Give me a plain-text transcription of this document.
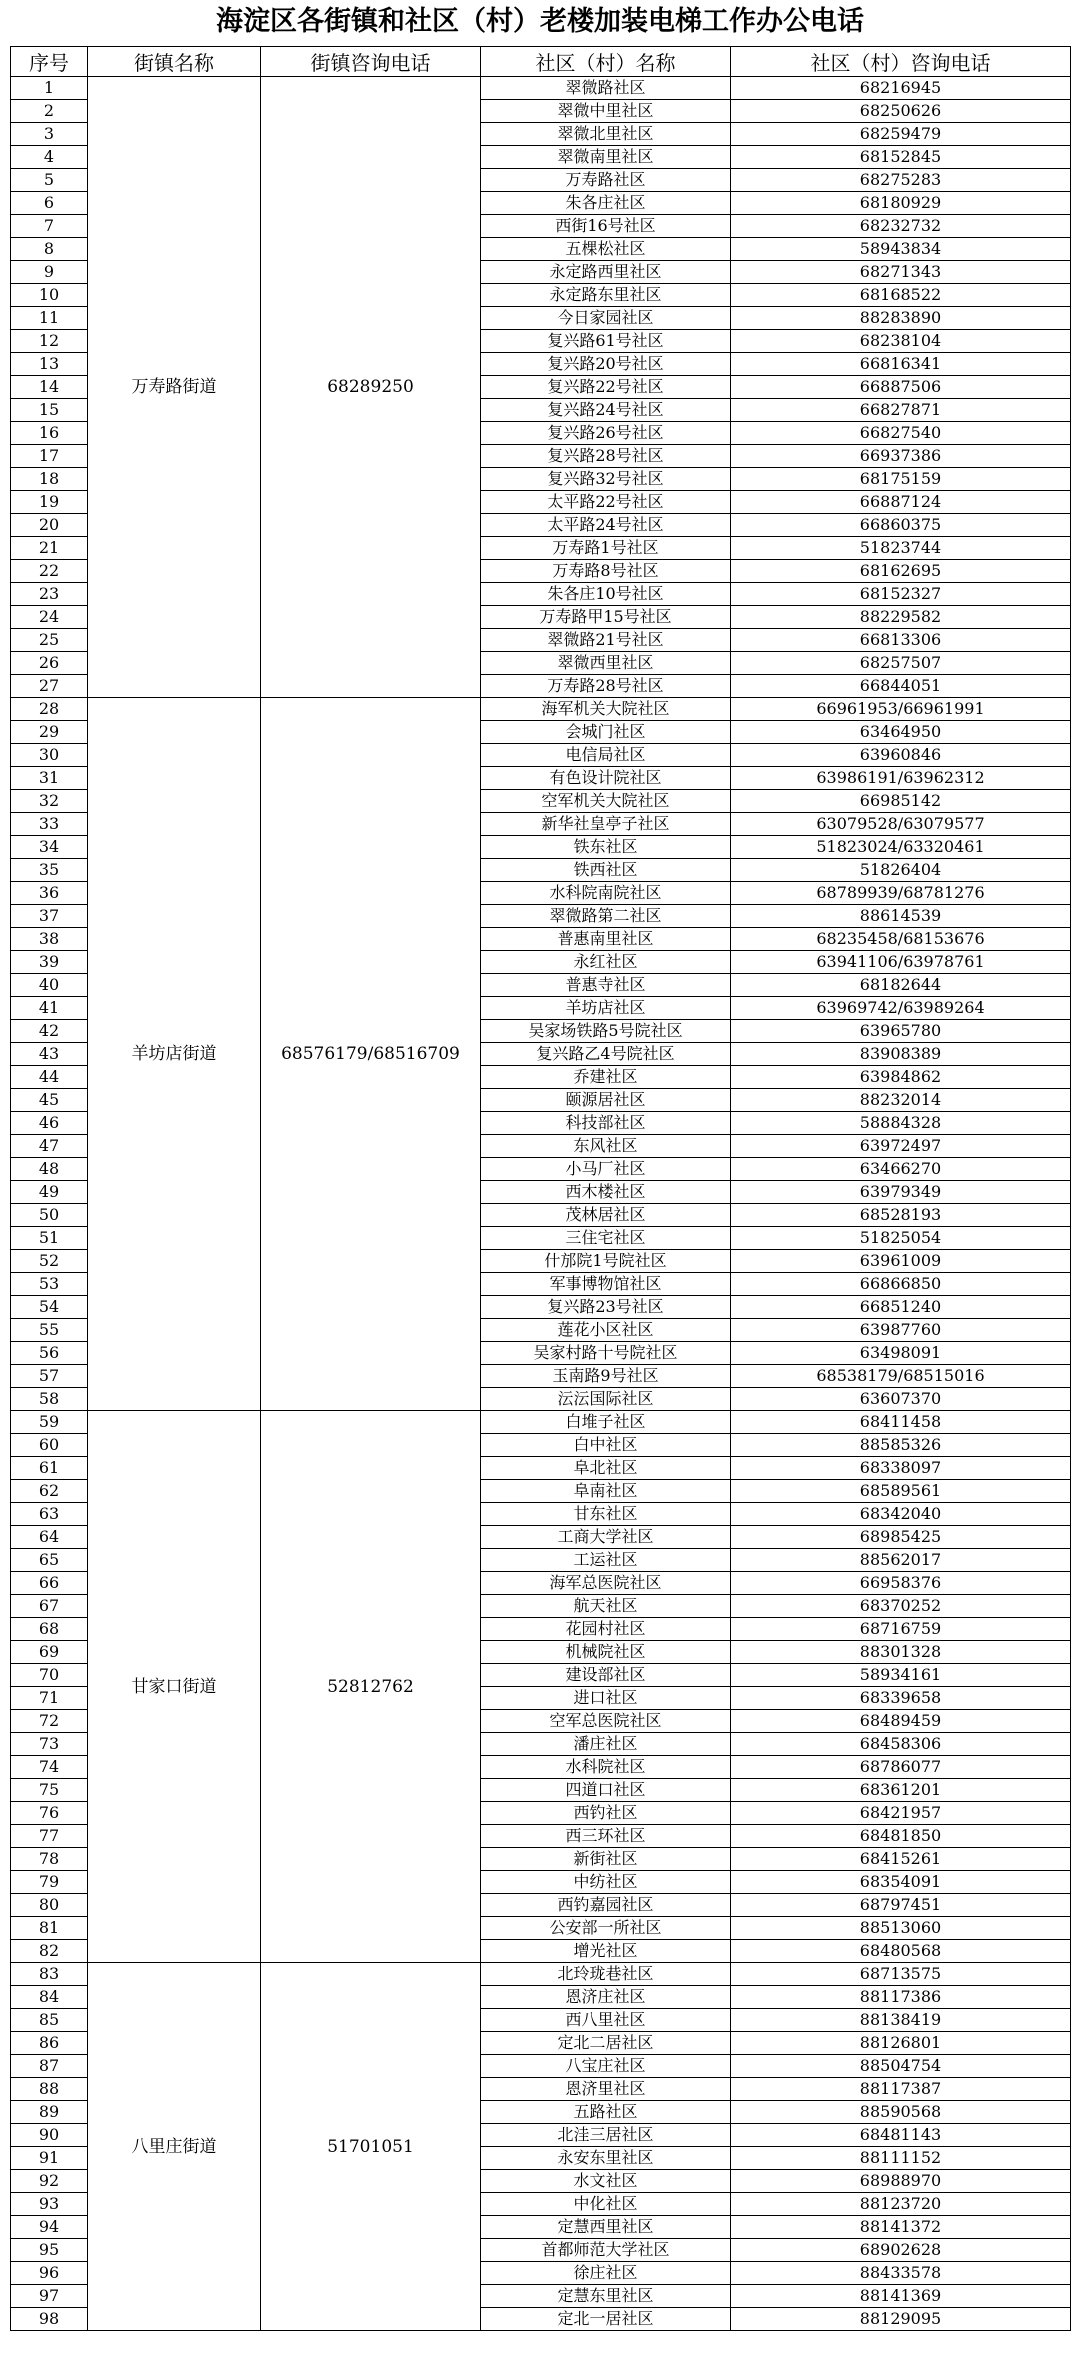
海淀区各街镇和社区（村）老楼加装电梯工作办公电话
序号	街镇名称	街镇咨询电话	社区（村）名称	社区（村）咨询电话
1	万寿路街道	68289250	翠微路社区	68216945
2			翠微中里社区	68250626
3			翠微北里社区	68259479
4			翠微南里社区	68152845
5			万寿路社区	68275283
6			朱各庄社区	68180929
7			西街16号社区	68232732
8			五棵松社区	58943834
9			永定路西里社区	68271343
10			永定路东里社区	68168522
11			今日家园社区	88283890
12			复兴路61号社区	68238104
13			复兴路20号社区	66816341
14			复兴路22号社区	66887506
15			复兴路24号社区	66827871
16			复兴路26号社区	66827540
17			复兴路28号社区	66937386
18			复兴路32号社区	68175159
19			太平路22号社区	66887124
20			太平路24号社区	66860375
21			万寿路1号社区	51823744
22			万寿路8号社区	68162695
23			朱各庄10号社区	68152327
24			万寿路甲15号社区	88229582
25			翠微路21号社区	66813306
26			翠微西里社区	68257507
27			万寿路28号社区	66844051
28	羊坊店街道	68576179/68516709	海军机关大院社区	66961953/66961991
29			会城门社区	63464950
30			电信局社区	63960846
31			有色设计院社区	63986191/63962312
32			空军机关大院社区	66985142
33			新华社皇亭子社区	63079528/63079577
34			铁东社区	51823024/63320461
35			铁西社区	51826404
36			水科院南院社区	68789939/68781276
37			翠微路第二社区	88614539
38			普惠南里社区	68235458/68153676
39			永红社区	63941106/63978761
40			普惠寺社区	68182644
41			羊坊店社区	63969742/63989264
42			吴家场铁路5号院社区	63965780
43			复兴路乙4号院社区	83908389
44			乔建社区	63984862
45			颐源居社区	88232014
46			科技部社区	58884328
47			东风社区	63972497
48			小马厂社区	63466270
49			西木楼社区	63979349
50			茂林居社区	68528193
51			三住宅社区	51825054
52			什邡院1号院社区	63961009
53			军事博物馆社区	66866850
54			复兴路23号社区	66851240
55			莲花小区社区	63987760
56			吴家村路十号院社区	63498091
57			玉南路9号社区	68538179/68515016
58			沄沄国际社区	63607370
59	甘家口街道	52812762	白堆子社区	68411458
60			白中社区	88585326
61			阜北社区	68338097
62			阜南社区	68589561
63			甘东社区	68342040
64			工商大学社区	68985425
65			工运社区	88562017
66			海军总医院社区	66958376
67			航天社区	68370252
68			花园村社区	68716759
69			机械院社区	88301328
70			建设部社区	58934161
71			进口社区	68339658
72			空军总医院社区	68489459
73			潘庄社区	68458306
74			水科院社区	68786077
75			四道口社区	68361201
76			西钓社区	68421957
77			西三环社区	68481850
78			新街社区	68415261
79			中纺社区	68354091
80			西钓嘉园社区	68797451
81			公安部一所社区	88513060
82			增光社区	68480568
83	八里庄街道	51701051	北玲珑巷社区	68713575
84			恩济庄社区	88117386
85			西八里社区	88138419
86			定北二居社区	88126801
87			八宝庄社区	88504754
88			恩济里社区	88117387
89			五路社区	88590568
90			北洼三居社区	68481143
91			永安东里社区	88111152
92			水文社区	68988970
93			中化社区	88123720
94			定慧西里社区	88141372
95			首都师范大学社区	68902628
96			徐庄社区	88433578
97			定慧东里社区	88141369
98			定北一居社区	88129095
